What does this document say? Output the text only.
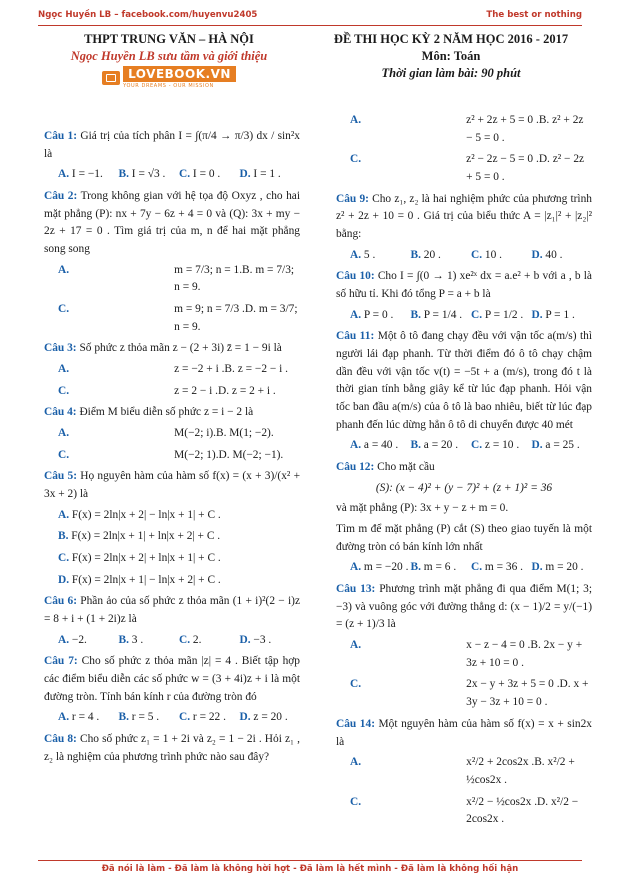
Ngọc Huyền LB – facebook.com/huyenvu2405	The best or nothing
THPT TRUNG VĂN – HÀ NỘI
Ngọc Huyền LB sưu tầm và giới thiệu
LOVEBOOK.VN
YOUR DREAMS - OUR MISSION
ĐỀ THI HỌC KỲ 2 NĂM HỌC 2016 - 2017
Môn: Toán
Thời gian làm bài: 90 phút

Câu 1: Giá trị của tích phân I = ∫(π/4 → π/3) dx / sin²x là

A. I = −1.	B. I = √3 .	C. I = 0 .	D. I = 1 .

Câu 2: Trong không gian với hệ tọa độ Oxyz , cho hai mặt phẳng (P): nx + 7y − 6z + 4 = 0 và (Q): 3x + my − 2z + 17 = 0 . Tìm giá trị của m, n để hai mặt phẳng song song

A.	m = 7/3; n = 1.B. m = 7/3; n = 9.
C.	m = 9; n = 7/3 .D. m = 3/7; n = 9.

Câu 3: Số phức z thỏa mãn z − (2 + 3i) z̄ = 1 − 9i là

A.	z = −2 + i .B. z = −2 − i .
C.	z = 2 − i .D. z = 2 + i .

Câu 4: Điểm M biểu diễn số phức z = i − 2 là

A.	M(−2; i).B. M(1; −2).
C.	M(−2; 1).D. M(−2; −1).

Câu 5: Họ nguyên hàm của hàm số f(x) = (x + 3)/(x² + 3x + 2) là

A. F(x) = 2ln|x + 2| − ln|x + 1| + C .
B. F(x) = 2ln|x + 1| + ln|x + 2| + C .
C. F(x) = 2ln|x + 2| + ln|x + 1| + C .
D. F(x) = 2ln|x + 1| − ln|x + 2| + C .

Câu 6: Phần ảo của số phức z thỏa mãn (1 + i)²(2 − i)z = 8 + i + (1 + 2i)z là

A. −2.	B. 3 .	C. 2.	D. −3 .

Câu 7: Cho số phức z thỏa mãn |z| = 4 . Biết tập hợp các điểm biểu diễn các số phức w = (3 + 4i)z + i là một đường tròn. Tính bán kính r của đường tròn đó

A. r = 4 .	B. r = 5 .	C. r = 22 .	D. z = 20 .

Câu 8: Cho số phức z₁ = 1 + 2i và z₂ = 1 − 2i . Hỏi z₁ , z₂ là nghiệm của phương trình phức nào sau đây?

A.	z² + 2z + 5 = 0 .B. z² + 2z − 5 = 0 .
C.	z² − 2z − 5 = 0 .D. z² − 2z + 5 = 0 .

Câu 9: Cho z₁, z₂ là hai nghiệm phức của phương trình z² + 2z + 10 = 0 . Giá trị của biểu thức A = |z₁|² + |z₂|² bằng:

A. 5 .	B. 20 .	C. 10 .	D. 40 .

Câu 10: Cho I = ∫(0 → 1) xe²ˣ dx = a.e² + b với a , b là số hữu tỉ. Khi đó tổng P = a + b là

A. P = 0 .	B. P = 1/4 . C. P = 1/2 . D. P = 1 .

Câu 11: Một ô tô đang chạy đều với vận tốc a(m/s) thì người lái đạp phanh. Từ thời điểm đó ô tô chạy chậm dần đều với vận tốc v(t) = −5t + a (m/s), trong đó t là thời gian tính bằng giây kể từ lúc đạp phanh. Hỏi vận tốc ban đầu a(m/s) của ô tô là bao nhiêu, biết từ lúc đạp phanh đến lúc dừng hẳn ô tô di chuyển được 40 mét

A. a = 40 .	B. a = 20 .	C. z = 10 .	D. a = 25 .

Câu 12: Cho mặt cầu

(S): (x − 4)² + (y − 7)² + (z + 1)² = 36

và mặt phẳng (P): 3x + y − z + m = 0.

Tìm m để mặt phẳng (P) cắt (S) theo giao tuyến là một đường tròn có bán kính lớn nhất

A. m = −20 . B. m = 6 .	C. m = 36 . D. m = 20 .

Câu 13: Phương trình mặt phẳng đi qua điểm M(1; 3; −3) và vuông góc với đường thẳng d: (x − 1)/2 = y/(−1) = (z + 1)/3 là

A.	x − z − 4 = 0 .B. 2x − y + 3z + 10 = 0 .
C.	2x − y + 3z + 5 = 0 .D. x + 3y − 3z + 10 = 0 .

Câu 14: Một nguyên hàm của hàm số f(x) = x + sin2x là

A.	x²/2 + 2cos2x .B. x²/2 + ½cos2x .
C.	x²/2 − ½cos2x .D. x²/2 − 2cos2x .
Đã nói là làm - Đã làm là không hời hợt - Đã làm là hết mình - Đã làm là không hối hận
